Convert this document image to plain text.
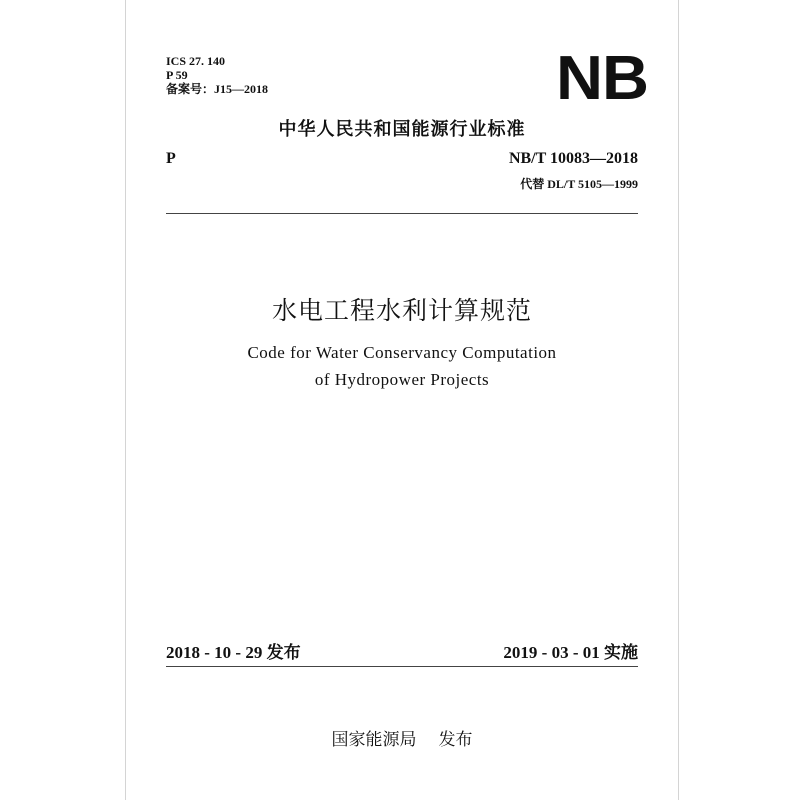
ICS 27. 140
P 59
备案号：J15—2018	NB
中华人民共和国能源行业标准
P	NB/T 10083—2018
代替 DL/T 5105—1999
水电工程水利计算规范
Code for Water Conservancy Computation
of Hydropower Projects
2018 - 10 - 29 发布	2019 - 03 - 01 实施
国家能源局 发布
